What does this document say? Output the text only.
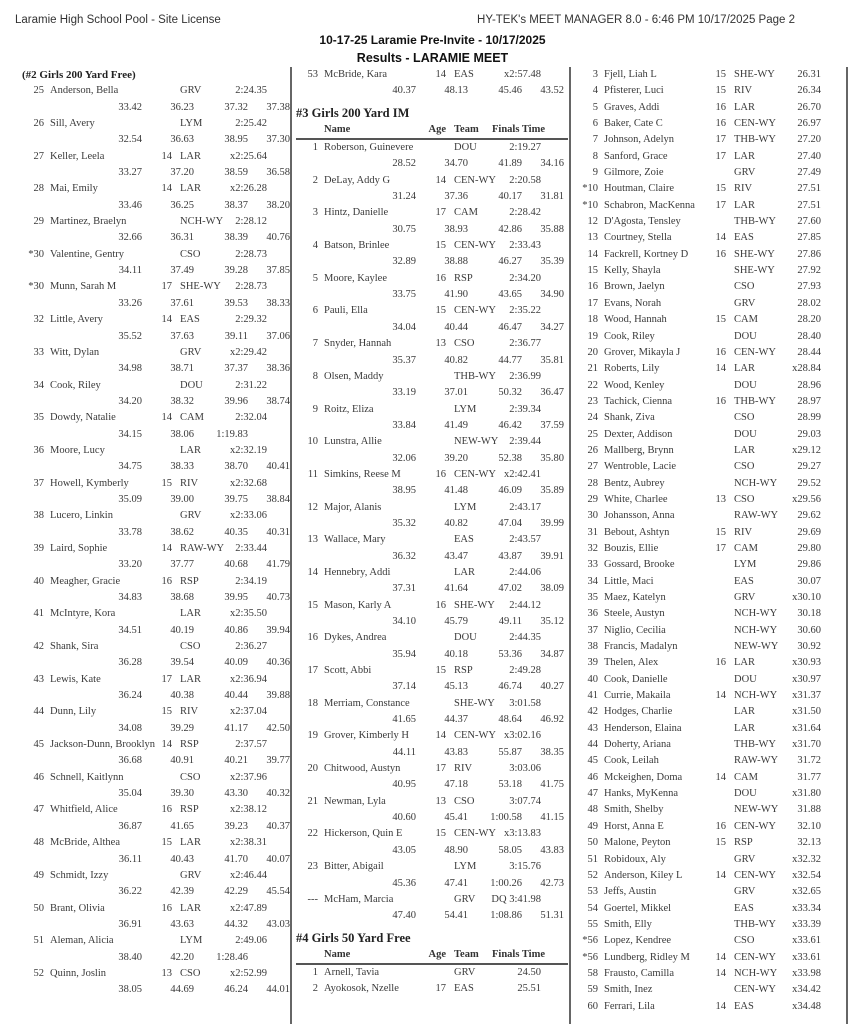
Laramie High School Pool - Site License	HY-TEK's MEET MANAGER 8.0 - 6:46 PM 10/17/2025 Page 2
10-17-25 Laramie Pre-Invite - 10/17/2025
Results - LARAMIE MEET
(#2 Girls 200 Yard Free)
25 Anderson, Bella	GRV	2:24.35
33.42	36.23	37.32 37.38
26 Sill, Avery	LYM	2:25.42
32.54	36.63	38.95 37.30
27 Keller, Leela	14 LAR	x2:25.64
33.27	37.20	38.59 36.58
28 Mai, Emily	14 LAR	x2:26.28
33.46	36.25	38.37 38.20
29 Martinez, Braelyn	NCH-WY 2:28.12
32.66	36.31	38.39 40.76
*30 Valentine, Gentry	CSO	2:28.73
34.11	37.49	39.28 37.85
*30 Munn, Sarah M	17 SHE-WY 2:28.73
33.26	37.61	39.53 38.33
32 Little, Avery	14 EAS	2:29.32
35.52	37.63	39.11 37.06
33 Witt, Dylan	GRV	x2:29.42
34.98	38.71	37.37 38.36
34 Cook, Riley	DOU	2:31.22
34.20	38.32	39.96 38.74
35 Dowdy, Natalie	14 CAM	2:32.04
34.15	38.06 1:19.83
36 Moore, Lucy	LAR	x2:32.19
34.75	38.33	38.70 40.41
37 Howell, Kymberly	15 RIV	x2:32.68
35.09	39.00	39.75 38.84
38 Lucero, Linkin	GRV	x2:33.06
33.78	38.62	40.35 40.31
39 Laird, Sophie	14 RAW-WY 2:33.44
33.20	37.77	40.68 41.79
40 Meagher, Gracie	16 RSP	2:34.19
34.83	38.68	39.95 40.73
41 McIntyre, Kora	LAR	x2:35.50
34.51	40.19	40.86 39.94
42 Shank, Sira	CSO	2:36.27
36.28	39.54	40.09 40.36
43 Lewis, Kate	17 LAR	x2:36.94
36.24	40.38	40.44 39.88
44 Dunn, Lily	15 RIV	x2:37.04
34.08	39.29	41.17 42.50
45 Jackson-Dunn, Brooklyn 14 RSP	2:37.57
36.68	40.91	40.21 39.77
46 Schnell, Kaitlynn	CSO	x2:37.96
35.04	39.30	43.30 40.32
47 Whitfield, Alice	16 RSP	x2:38.12
36.87	41.65	39.23 40.37
48 McBride, Althea	15 LAR	x2:38.31
36.11	40.43	41.70 40.07
49 Schmidt, Izzy	GRV	x2:46.44
36.22	42.39	42.29 45.54
50 Brant, Olivia	16 LAR	x2:47.89
36.91	43.63	44.32 43.03
51 Aleman, Alicia	LYM	2:49.06
38.40	42.20 1:28.46
52 Quinn, Joslin	13 CSO	x2:52.99
38.05	44.69	46.24 44.01
53 McBride, Kara	14 EAS	x2:57.48
40.37	48.13	45.46 43.52
#3 Girls 200 Yard IM
Name	Age Team Finals Time
1 Roberson, Guinevere	DOU	2:19.27
28.52	34.70	41.89 34.16
2 DeLay, Addy G	14 CEN-WY 2:20.58
31.24	37.36	40.17 31.81
3 Hintz, Danielle	17 CAM	2:28.42
30.75	38.93	42.86 35.88
4 Batson, Brinlee	15 CEN-WY 2:33.43
32.89	38.88	46.27 35.39
5 Moore, Kaylee	16 RSP	2:34.20
33.75	41.90	43.65 34.90
6 Pauli, Ella	15 CEN-WY 2:35.22
34.04	40.44	46.47 34.27
7 Snyder, Hannah	13 CSO	2:36.77
35.37	40.82	44.77 35.81
8 Olsen, Maddy	THB-WY 2:36.99
33.19	37.01	50.32 36.47
9 Roitz, Eliza	LYM	2:39.34
33.84	41.49	46.42 37.59
10 Lunstra, Allie	NEW-WY 2:39.44
32.06	39.20	52.38 35.80
11 Simkins, Reese M	16 CEN-WY x2:42.41
38.95	41.48	46.09 35.89
12 Major, Alanis	LYM	2:43.17
35.32	40.82	47.04 39.99
13 Wallace, Mary	EAS	2:43.57
36.32	43.47	43.87 39.91
14 Hennebry, Addi	LAR	2:44.06
37.31	41.64	47.02 38.09
15 Mason, Karly A	16 SHE-WY 2:44.12
34.10	45.79	49.11 35.12
16 Dykes, Andrea	DOU	2:44.35
35.94	40.18	53.36 34.87
17 Scott, Abbi	15 RSP	2:49.28
37.14	45.13	46.74 40.27
18 Merriam, Constance	SHE-WY 3:01.58
41.65	44.37	48.64 46.92
19 Grover, Kimberly H	14 CEN-WY x3:02.16
44.11	43.83	55.87 38.35
20 Chitwood, Austyn	17 RIV	3:03.06
40.95	47.18	53.18 41.75
21 Newman, Lyla	13 CSO	3:07.74
40.60	45.41 1:00.58 41.15
22 Hickerson, Quin E	15 CEN-WY x3:13.83
43.05	48.90	58.05 43.83
23 Bitter, Abigail	LYM	3:15.76
45.36	47.41 1:00.26 42.73
--- McHam, Marcia	GRV DQ 3:41.98
47.40	54.41 1:08.86 51.31
#4 Girls 50 Yard Free
Name	Age Team Finals Time
1 Arnell, Tavia	GRV	24.50
2 Ayokosok, Nzelle	17 EAS	25.51
3 Fjell, Liah L	15 SHE-WY 26.31
4 Pfisterer, Luci	15 RIV	26.34
5 Graves, Addi	16 LAR	26.70
6 Baker, Cate C	16 CEN-WY 26.97
7 Johnson, Adelyn	17 THB-WY 27.20
8 Sanford, Grace	17 LAR	27.40
9 Gilmore, Zoie	GRV	27.49
*10 Houtman, Claire	15 RIV	27.51
*10 Schabron, MacKenna 17 LAR	27.51
12 D'Agosta, Tensley	THB-WY 27.60
13 Courtney, Stella	14 EAS	27.85
14 Fackrell, Kortney D	16 SHE-WY 27.86
15 Kelly, Shayla	SHE-WY 27.92
16 Brown, Jaelyn	CSO	27.93
17 Evans, Norah	GRV	28.02
18 Wood, Hannah	15 CAM	28.20
19 Cook, Riley	DOU	28.40
20 Grover, Mikayla J	16 CEN-WY 28.44
21 Roberts, Lily	14 LAR	x28.84
22 Wood, Kenley	DOU	28.96
23 Tachick, Cienna	16 THB-WY 28.97
24 Shank, Ziva	CSO	28.99
25 Dexter, Addison	DOU	29.03
26 Mallberg, Brynn	LAR	x29.12
27 Wentroble, Lacie	CSO	29.27
28 Bentz, Aubrey	NCH-WY 29.52
29 White, Charlee	13 CSO	x29.56
30 Johansson, Anna	RAW-WY 29.62
31 Bebout, Ashtyn	15 RIV	29.69
32 Bouzis, Ellie	17 CAM	29.80
33 Gossard, Brooke	LYM	29.86
34 Little, Maci	EAS	30.07
35 Maez, Katelyn	GRV	x30.10
36 Steele, Austyn	NCH-WY 30.18
37 Niglio, Cecilia	NCH-WY 30.60
38 Francis, Madalyn	NEW-WY 30.92
39 Thelen, Alex	16 LAR	x30.93
40 Cook, Danielle	DOU	x30.97
41 Currie, Makaila	14 NCH-WY x31.37
42 Hodges, Charlie	LAR	x31.50
43 Henderson, Elaina	LAR	x31.64
44 Doherty, Ariana	THB-WY x31.70
45 Cook, Leilah	RAW-WY 31.72
46 Mckeighen, Doma	14 CAM	31.77
47 Hanks, MyKenna	DOU	x31.80
48 Smith, Shelby	NEW-WY 31.88
49 Horst, Anna E	16 CEN-WY 32.10
50 Malone, Peyton	15 RSP	32.13
51 Robidoux, Aly	GRV	x32.32
52 Anderson, Kiley L	14 CEN-WY x32.54
53 Jeffs, Austin	GRV	x32.65
54 Goertel, Mikkel	EAS	x33.34
55 Smith, Elly	THB-WY x33.39
*56 Lopez, Kendree	CSO	x33.61
*56 Lundberg, Ridley M 14 CEN-WY x33.61
58 Frausto, Camilla	14 NCH-WY x33.98
59 Smith, Inez	CEN-WY x34.42
60 Ferrari, Lila	14 EAS	x34.48
